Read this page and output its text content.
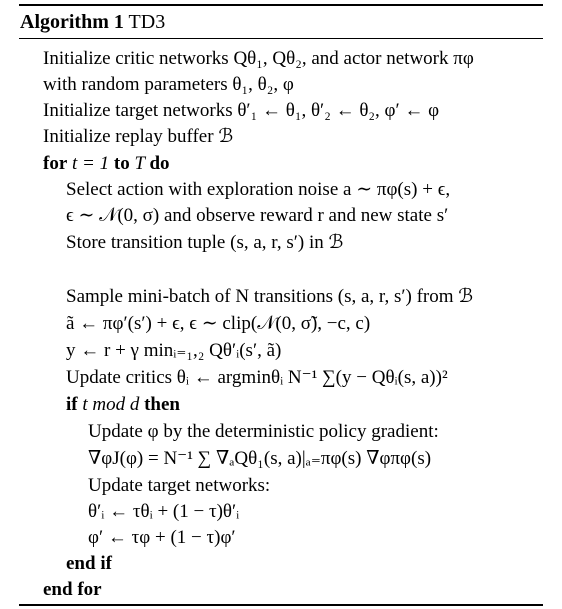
Algorithm 1 TD3
Initialize critic networks Qθ₁, Qθ₂, and actor network πφ
with random parameters θ₁, θ₂, φ
Initialize target networks θ′₁ ← θ₁, θ′₂ ← θ₂, φ′ ← φ
Initialize replay buffer ℬ
for t = 1 to T do
Select action with exploration noise a ∼ πφ(s) + ϵ,
ϵ ∼ 𝒩(0, σ) and observe reward r and new state s′
Store transition tuple (s, a, r, s′) in ℬ
Sample mini-batch of N transitions (s, a, r, s′) from ℬ
ã ← πφ′(s′) + ϵ, ϵ ∼ clip(𝒩(0, σ̃), −c, c)
y ← r + γ minᵢ₌₁,₂ Qθ′ᵢ(s′, ã)
Update critics θᵢ ← argminθᵢ N⁻¹ ∑(y − Qθᵢ(s, a))²
if t mod d then
Update φ by the deterministic policy gradient:
∇φJ(φ) = N⁻¹ ∑ ∇ₐQθ₁(s, a)|ₐ₌πφ(s) ∇φπφ(s)
Update target networks:
θ′ᵢ ← τθᵢ + (1 − τ)θ′ᵢ
φ′ ← τφ + (1 − τ)φ′
end if
end for
